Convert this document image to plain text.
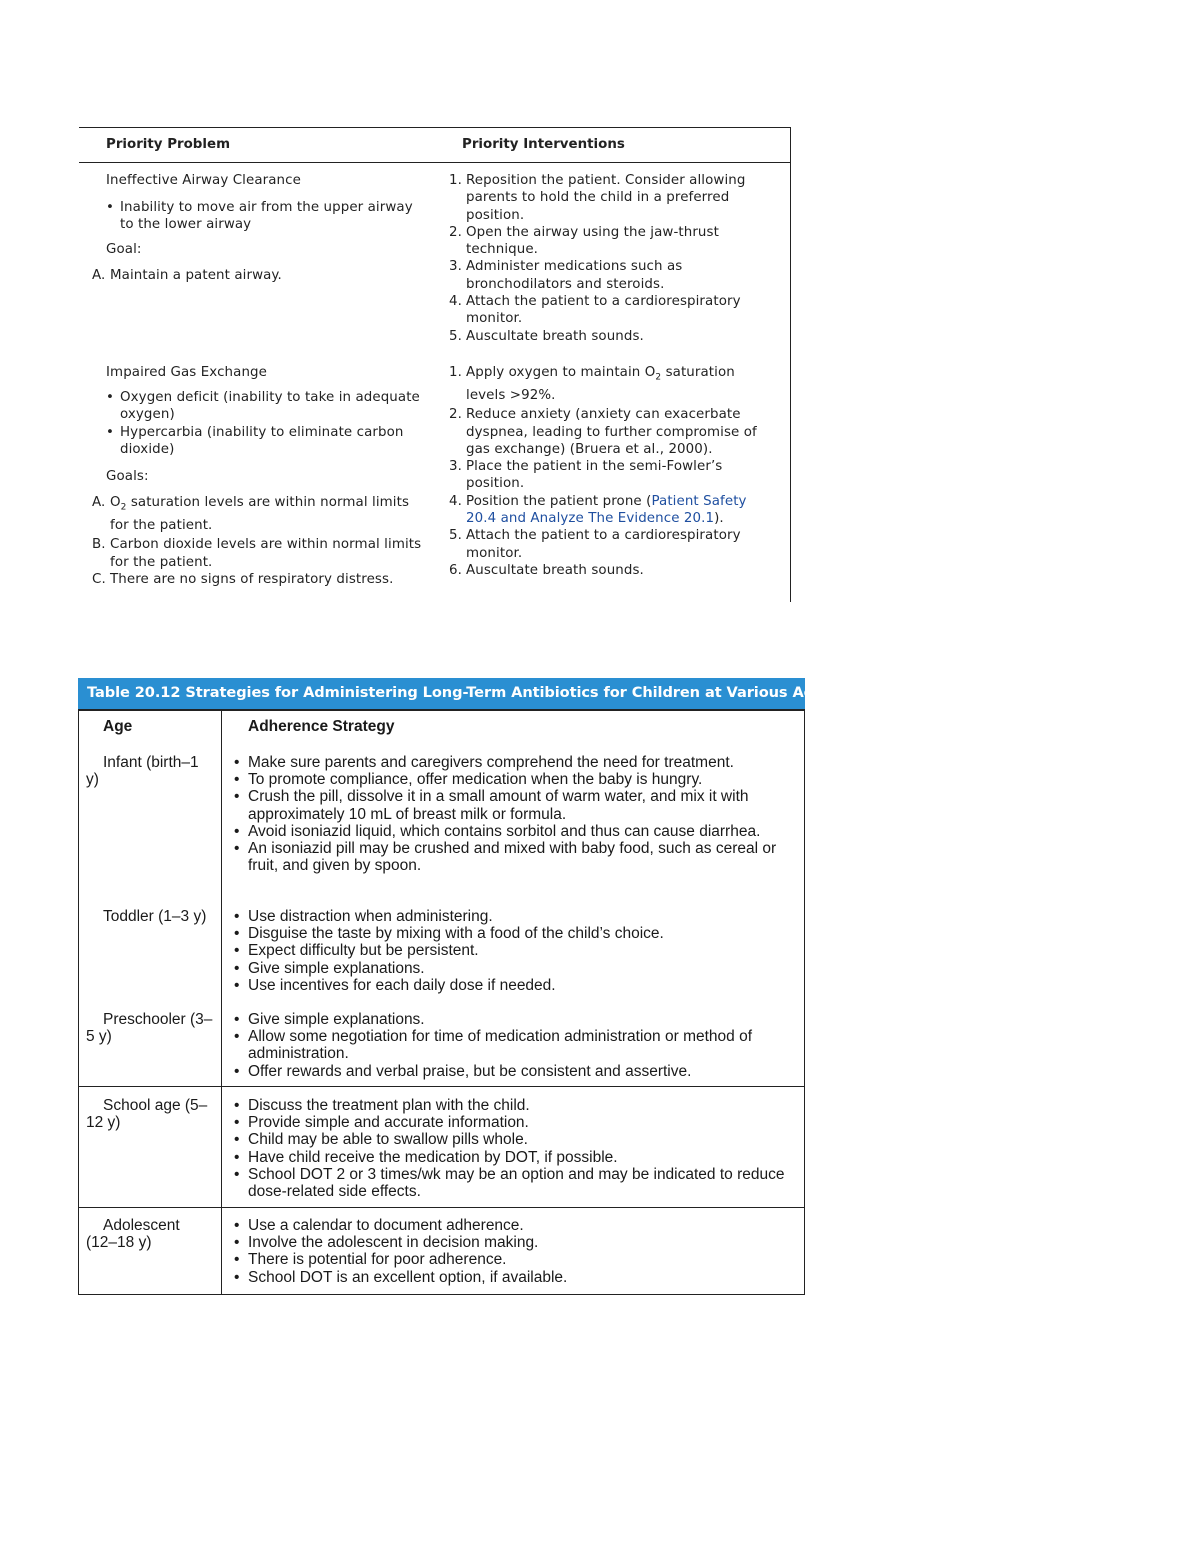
Priority Problem	Priority Interventions
Ineffective Airway Clearance
• Inability to move air from the upper airway to the lower airway
Goal:
A. Maintain a patent airway.
1. Reposition the patient. Consider allowing parents to hold the child in a preferred position.
2. Open the airway using the jaw-thrust technique.
3. Administer medications such as bronchodilators and steroids.
4. Attach the patient to a cardiorespiratory monitor.
5. Auscultate breath sounds.
Impaired Gas Exchange
• Oxygen deficit (inability to take in adequate oxygen)
• Hypercarbia (inability to eliminate carbon dioxide)
Goals:
A. $O_2$ saturation levels are within normal limits for the patient.
B. Carbon dioxide levels are within normal limits for the patient.
C. There are no signs of respiratory distress.
1. Apply oxygen to maintain $O_2$ saturation levels >92%.
2. Reduce anxiety (anxiety can exacerbate dyspnea, leading to further compromise of gas exchange) (Bruera et al., 2000).
3. Place the patient in the semi-Fowler’s position.
4. Position the patient prone (Patient Safety 20.4 and Analyze The Evidence 20.1).
5. Attach the patient to a cardiorespiratory monitor.
6. Auscultate breath sounds.
Table 20.12 Strategies for Administering Long-Term Antibiotics for Children at Various Ages
Age	Adherence Strategy
Infant (birth–1 y)
• Make sure parents and caregivers comprehend the need for treatment.
• To promote compliance, offer medication when the baby is hungry.
• Crush the pill, dissolve it in a small amount of warm water, and mix it with approximately 10 mL of breast milk or formula.
• Avoid isoniazid liquid, which contains sorbitol and thus can cause diarrhea.
• An isoniazid pill may be crushed and mixed with baby food, such as cereal or fruit, and given by spoon.
Toddler (1–3 y)
•	Use distraction when administering.
• Disguise the taste by mixing with a food of the child’s choice.
• Expect difficulty but be persistent.
• Give simple explanations.
• Use incentives for each daily dose if needed.
Preschooler (3–5 y)
• Give simple explanations.
• Allow some negotiation for time of medication administration or method of administration.
• Offer rewards and verbal praise, but be consistent and assertive.
School age (5–12 y)
• Discuss the treatment plan with the child.
• Provide simple and accurate information.
• Child may be able to swallow pills whole.
• Have child receive the medication by DOT, if possible.
• School DOT 2 or 3 times/wk may be an option and may be indicated to reduce dose-related side effects.
Adolescent (12–18 y)
• Use a calendar to document adherence.
• Involve the adolescent in decision making.
• There is potential for poor adherence.
• School DOT is an excellent option, if available.
